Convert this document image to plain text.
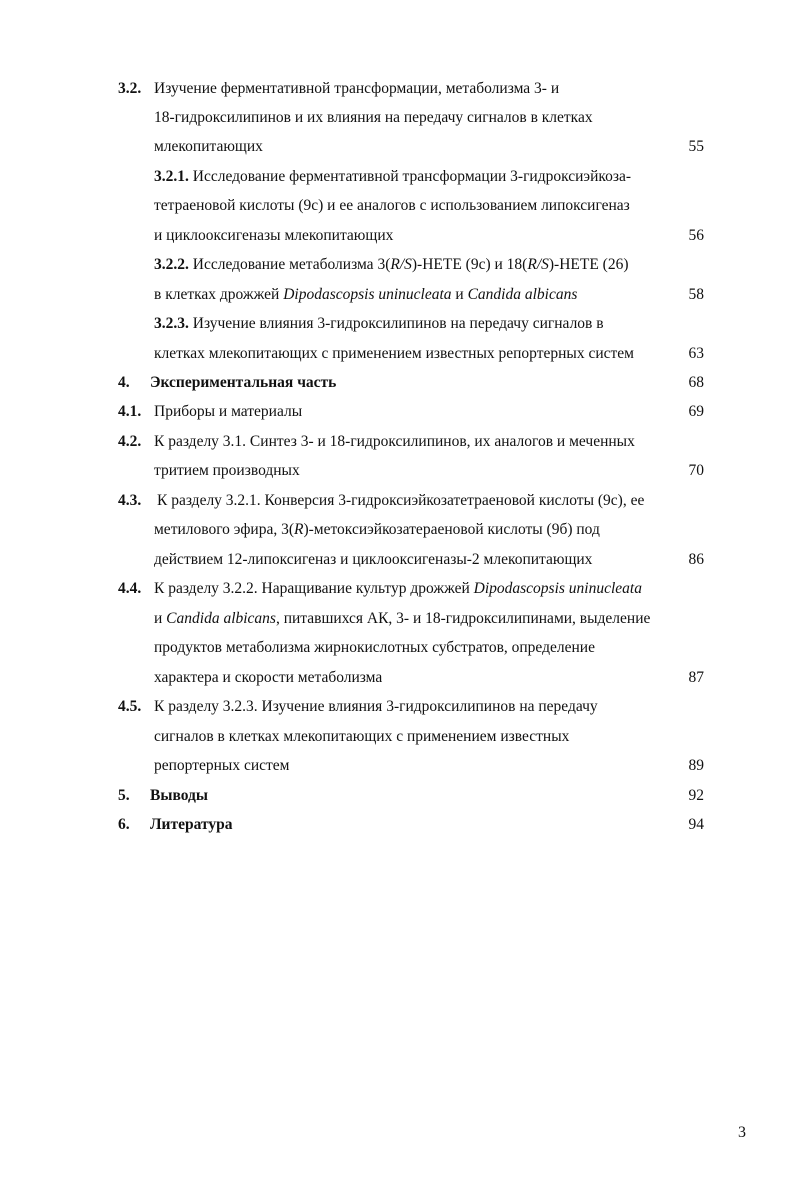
3.2. Изучение ферментативной трансформации, метаболизма 3- и
18-гидроксилипинов и их влияния на передачу сигналов в клетках
млекопитающих	55
3.2.1. Исследование ферментативной трансформации 3-гидроксиэйкоза-
тетраеновой кислоты (9с) и ее аналогов с использованием липоксигеназ
и циклооксигеназы млекопитающих	56
3.2.2. Исследование метаболизма 3(R/S)-HETE (9c) и 18(R/S)-HETE (26)
в клетках дрожжей Dipodascopsis uninucleata и Candida albicans	58
3.2.3. Изучение влияния 3-гидроксилипинов на передачу сигналов в
клетках млекопитающих с применением известных репортерных систем	63
4. Экспериментальная часть	68
4.1. Приборы и материалы	69
4.2. К разделу 3.1. Синтез 3- и 18-гидроксилипинов, их аналогов и меченных
тритием производных	70
4.3. К разделу 3.2.1. Конверсия 3-гидроксиэйкозатетраеновой кислоты (9с), ее
метилового эфира, 3(R)-метоксиэйкозатераеновой кислоты (9б) под
действием 12-липоксигеназ и циклооксигеназы-2 млекопитающих	86
4.4. К разделу 3.2.2. Наращивание культур дрожжей Dipodascopsis uninucleata
и Candida albicans, питавшихся АК, 3- и 18-гидроксилипинами, выделение
продуктов метаболизма жирнокислотных субстратов, определение
характера и скорости метаболизма	87
4.5. К разделу 3.2.3. Изучение влияния 3-гидроксилипинов на передачу
сигналов в клетках млекопитающих с применением известных
репортерных систем	89
5. Выводы	92
6. Литература	94
3
